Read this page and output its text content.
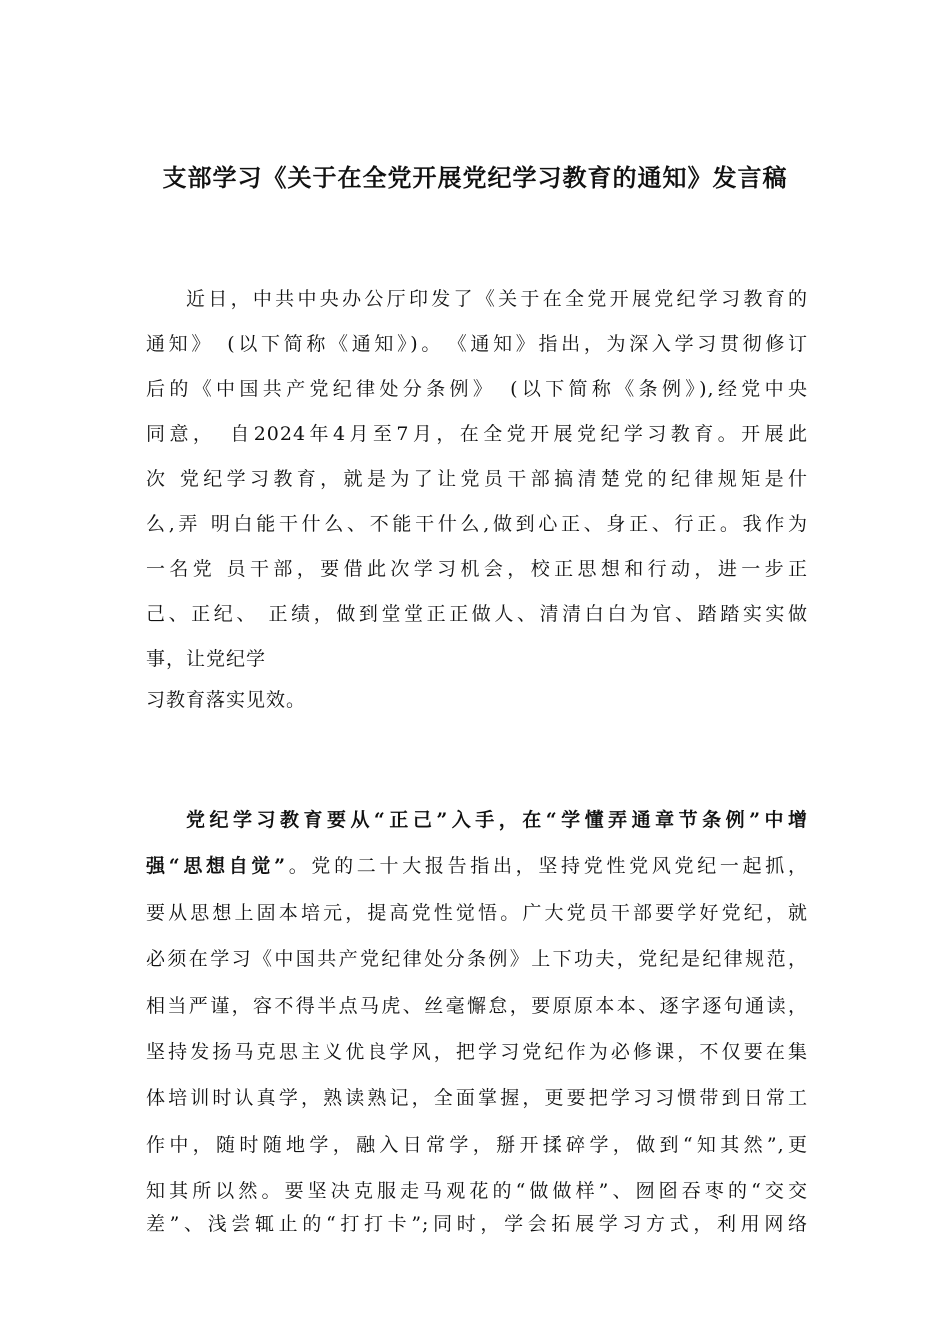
支部学习《关于在全党开展党纪学习教育的通知》发言稿
近日，中共中央办公厅印发了《关于在全党开展党纪学习教育的
通知》　(以下简称《通知》)。　《通知》指出，为深入学习贯彻修订
后的《中国共产党纪律处分条例》　(以下简称《条例》),经党中央
同意，　自2024年4月至7月，在全党开展党纪学习教育。开展此
次 党纪学习教育，就是为了让党员干部搞清楚党的纪律规矩是什
么,弄 明白能干什么、不能干什么,做到心正、身正、行正。我作为
一名党 员干部，要借此次学习机会，校正思想和行动，进一步正
己、正纪、 正绩，做到堂堂正正做人、清清白白为官、踏踏实实做
事，让党纪学
习教育落实见效。
党纪学习教育要从“正己”入手，在“学懂弄通章节条例”中增
强“思想自觉”。党的二十大报告指出，坚持党性党风党纪一起抓，
要从思想上固本培元，提高党性觉悟。广大党员干部要学好党纪，就
必须在学习《中国共产党纪律处分条例》上下功夫，党纪是纪律规范，
相当严谨，容不得半点马虎、丝毫懈怠，要原原本本、逐字逐句通读，
坚持发扬马克思主义优良学风，把学习党纪作为必修课，不仅要在集
体培训时认真学，熟读熟记，全面掌握，更要把学习习惯带到日常工
作中，随时随地学，融入日常学，掰开揉碎学，做到“知其然”,更
知其所以然。要坚决克服走马观花的“做做样”、囫囵吞枣的“交交
差”、浅尝辄止的“打打卡”;同时，学会拓展学习方式，利用网络
